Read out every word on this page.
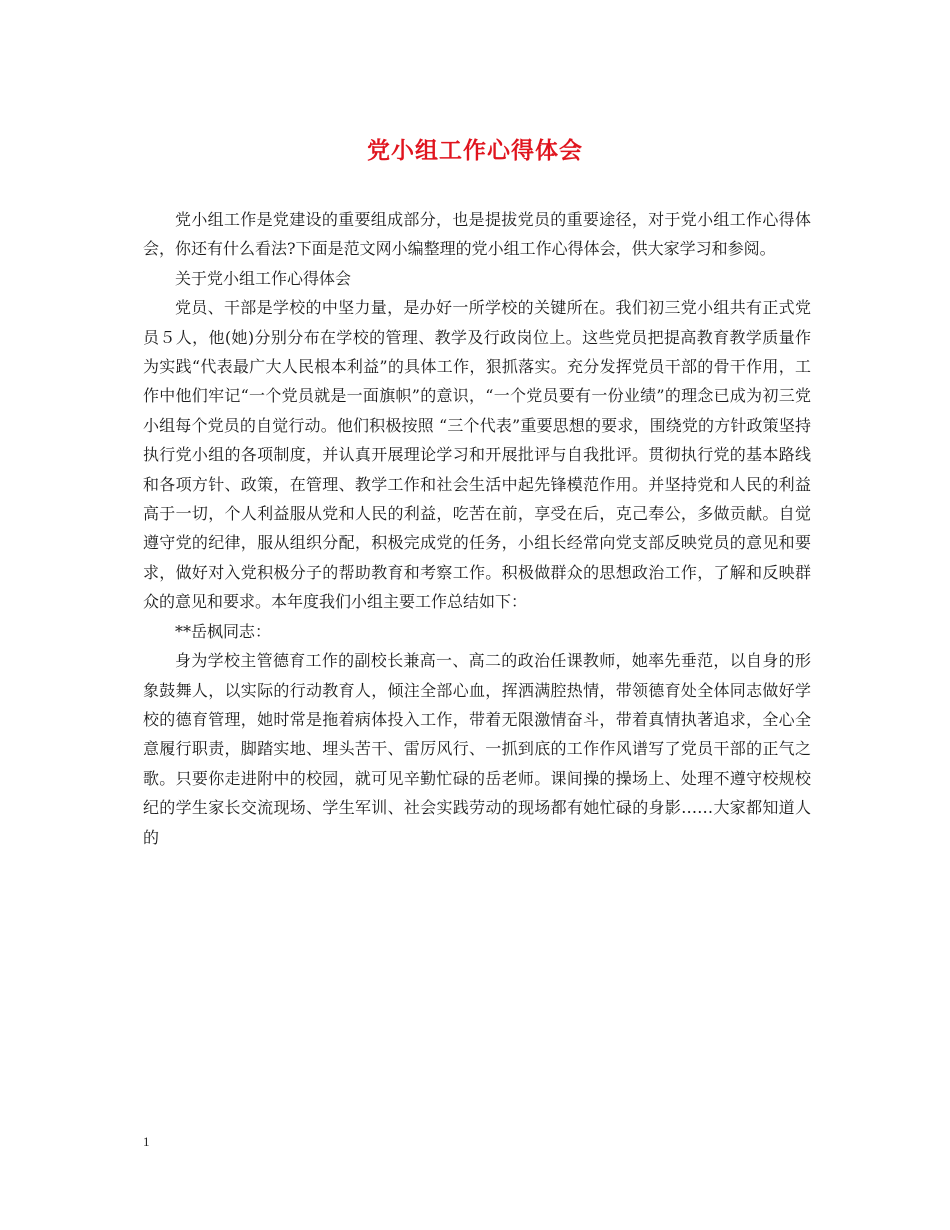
党小组工作心得体会

党小组工作是党建设的重要组成部分，也是提拔党员的重要途径，对于党小组工作心得体会，你还有什么看法?下面是范文网小编整理的党小组工作心得体会，供大家学习和参阅。

关于党小组工作心得体会

党员、干部是学校的中坚力量，是办好一所学校的关键所在。我们初三党小组共有正式党员５人，他(她)分别分布在学校的管理、教学及行政岗位上。这些党员把提高教育教学质量作为实践“代表最广大人民根本利益”的具体工作，狠抓落实。充分发挥党员干部的骨干作用，工作中他们牢记“一个党员就是一面旗帜”的意识，“一个党员要有一份业绩”的理念已成为初三党小组每个党员的自觉行动。他们积极按照 “三个代表”重要思想的要求，围绕党的方针政策坚持执行党小组的各项制度，并认真开展理论学习和开展批评与自我批评。贯彻执行党的基本路线和各项方针、政策，在管理、教学工作和社会生活中起先锋模范作用。并坚持党和人民的利益高于一切，个人利益服从党和人民的利益，吃苦在前，享受在后，克己奉公，多做贡献。自觉遵守党的纪律，服从组织分配，积极完成党的任务，小组长经常向党支部反映党员的意见和要求，做好对入党积极分子的帮助教育和考察工作。积极做群众的思想政治工作，了解和反映群众的意见和要求。本年度我们小组主要工作总结如下：

**岳枫同志：

身为学校主管德育工作的副校长兼高一、高二的政治任课教师，她率先垂范，以自身的形象鼓舞人，以实际的行动教育人，倾注全部心血，挥洒满腔热情，带领德育处全体同志做好学校的德育管理，她时常是拖着病体投入工作，带着无限激情奋斗，带着真情执著追求，全心全意履行职责，脚踏实地、埋头苦干、雷厉风行、一抓到底的工作作风谱写了党员干部的正气之歌。只要你走进附中的校园，就可见辛勤忙碌的岳老师。课间操的操场上、处理不遵守校规校纪的学生家长交流现场、学生军训、社会实践劳动的现场都有她忙碌的身影……大家都知道人的

1
